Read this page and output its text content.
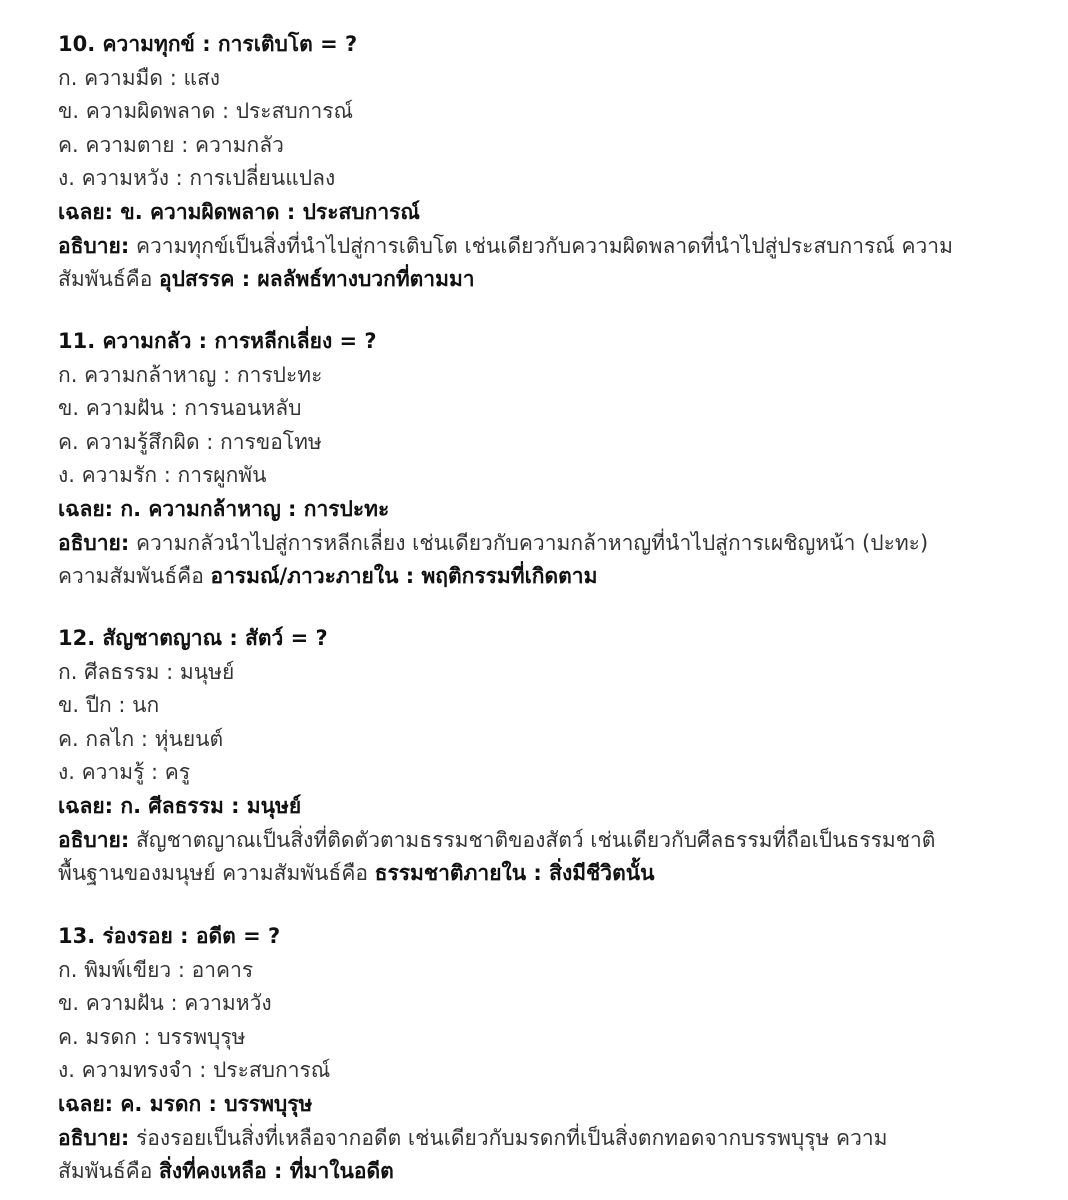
10. ความทุกข์ : การเติบโต = ?
ก. ความมืด : แสง
ข. ความผิดพลาด : ประสบการณ์
ค. ความตาย : ความกลัว
ง. ความหวัง : การเปลี่ยนแปลง
เฉลย: ข. ความผิดพลาด : ประสบการณ์
อธิบาย: ความทุกข์เป็นสิ่งที่นำไปสู่การเติบโต เช่นเดียวกับความผิดพลาดที่นำไปสู่ประสบการณ์ ความ
สัมพันธ์คือ อุปสรรค : ผลลัพธ์ทางบวกที่ตามมา
11. ความกลัว : การหลีกเลี่ยง = ?
ก. ความกล้าหาญ : การปะทะ
ข. ความฝัน : การนอนหลับ
ค. ความรู้สึกผิด : การขอโทษ
ง. ความรัก : การผูกพัน
เฉลย: ก. ความกล้าหาญ : การปะทะ
อธิบาย: ความกลัวนำไปสู่การหลีกเลี่ยง เช่นเดียวกับความกล้าหาญที่นำไปสู่การเผชิญหน้า (ปะทะ)
ความสัมพันธ์คือ อารมณ์/ภาวะภายใน : พฤติกรรมที่เกิดตาม
12. สัญชาตญาณ : สัตว์ = ?
ก. ศีลธรรม : มนุษย์
ข. ปีก : นก
ค. กลไก : หุ่นยนต์
ง. ความรู้ : ครู
เฉลย: ก. ศีลธรรม : มนุษย์
อธิบาย: สัญชาตญาณเป็นสิ่งที่ติดตัวตามธรรมชาติของสัตว์ เช่นเดียวกับศีลธรรมที่ถือเป็นธรรมชาติ
พื้นฐานของมนุษย์ ความสัมพันธ์คือ ธรรมชาติภายใน : สิ่งมีชีวิตนั้น
13. ร่องรอย : อดีต = ?
ก. พิมพ์เขียว : อาคาร
ข. ความฝัน : ความหวัง
ค. มรดก : บรรพบุรุษ
ง. ความทรงจำ : ประสบการณ์
เฉลย: ค. มรดก : บรรพบุรุษ
อธิบาย: ร่องรอยเป็นสิ่งที่เหลือจากอดีต เช่นเดียวกับมรดกที่เป็นสิ่งตกทอดจากบรรพบุรุษ ความ
สัมพันธ์คือ สิ่งที่คงเหลือ : ที่มาในอดีต
